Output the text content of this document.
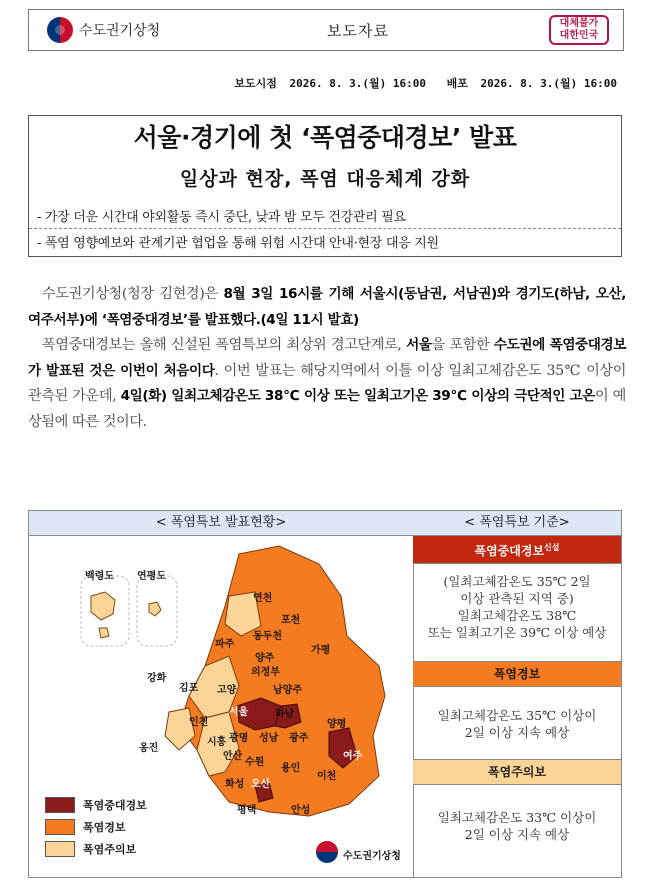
수도권기상청	보도자료	대체불가
대한민국
보도시점 2026. 8. 3.(월) 16:00 배포 2026. 8. 3.(월) 16:00
서울·경기에 첫 ‘폭염중대경보’ 발표
일상과 현장, 폭염 대응체계 강화
- 가장 더운 시간대 야외활동 즉시 중단, 낮과 밤 모두 건강관리 필요
- 폭염 영향예보와 관계기관 협업을 통해 위험 시간대 안내·현장 대응 지원

수도권기상청(청장 김현경)은 8월 3일 16시를 기해 서울시(동남권, 서남권)와 경기도(하남, 오산, 여주서부)에 ‘폭염중대경보’를 발표했다.(4일 11시 발효)

폭염중대경보는 올해 신설된 폭염특보의 최상위 경고단계로, 서울을 포함한 수도권에 폭염중대경보가 발표된 것은 이번이 처음이다. 이번 발표는 해당지역에서 이틀 이상 일최고체감온도 35℃ 이상이 관측된 가운데, 4일(화) 일최고체감온도 38℃ 이상 또는 일최고기온 39℃ 이상의 극단적인 고온이 예상됨에 따른 것이다.

< 폭염특보 발표현황>
백령도 연평도
연천
포천
동두천
파주
가평
양주
의정부
강화
김포 고양	남양주
서울	하남
인천	양평
시흥 광명 성남 광주
옹진
안산
수원
용인
여주
화성 오산
이천
평택	안성
폭염중대경보
폭염경보
폭염주의보
수도권기상청
< 폭염특보 기준>
폭염중대경보$^{신설}$
(일최고체감온도 35℃ 2일
이상 관측된 지역 중)
일최고체감온도 38℃
또는 일최고기온 39℃ 이상 예상
폭염경보
일최고체감온도 35℃ 이상이
2일 이상 지속 예상
폭염주의보
일최고체감온도 33℃ 이상이
2일 이상 지속 예상
